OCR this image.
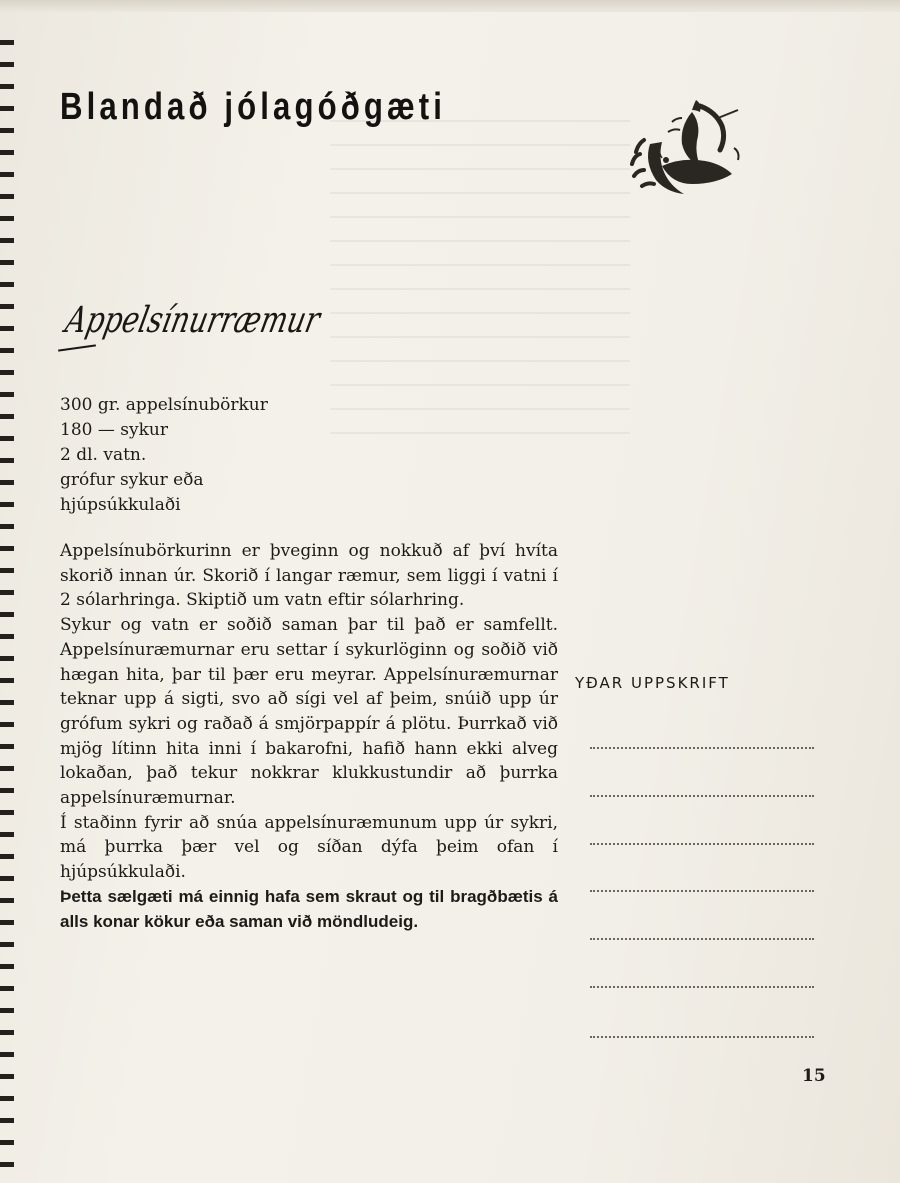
Blandað jólagóðgæti
Appelsínurræmur
300 gr. appelsínubörkur
180 — sykur
2 dl. vatn.
grófur sykur eða
hjúpsúkkulaði

Appelsínubörkurinn er þveginn og nokkuð af því hvíta skorið innan úr. Skorið í langar ræmur, sem liggi í vatni í 2 sólarhringa. Skiptið um vatn eftir sólarhring.

Sykur og vatn er soðið saman þar til það er samfellt. Appelsínuræmurnar eru settar í sykurlöginn og soðið við hægan hita, þar til þær eru meyrar. Appelsínuræmurnar teknar upp á sigti, svo að sígi vel af þeim, snúið upp úr grófum sykri og raðað á smjörpappír á plötu. Þurrkað við mjög lítinn hita inni í bakarofni, hafið hann ekki alveg lokaðan, það tekur nokkrar klukkustundir að þurrka appelsínuræmurnar.

Í staðinn fyrir að snúa appelsínuræmunum upp úr sykri, má þurrka þær vel og síðan dýfa þeim ofan í hjúpsúkkulaði.

Þetta sælgæti má einnig hafa sem skraut og til bragðbætis á alls konar kökur eða saman við möndludeig.

YÐAR UPPSKRIFT

15
